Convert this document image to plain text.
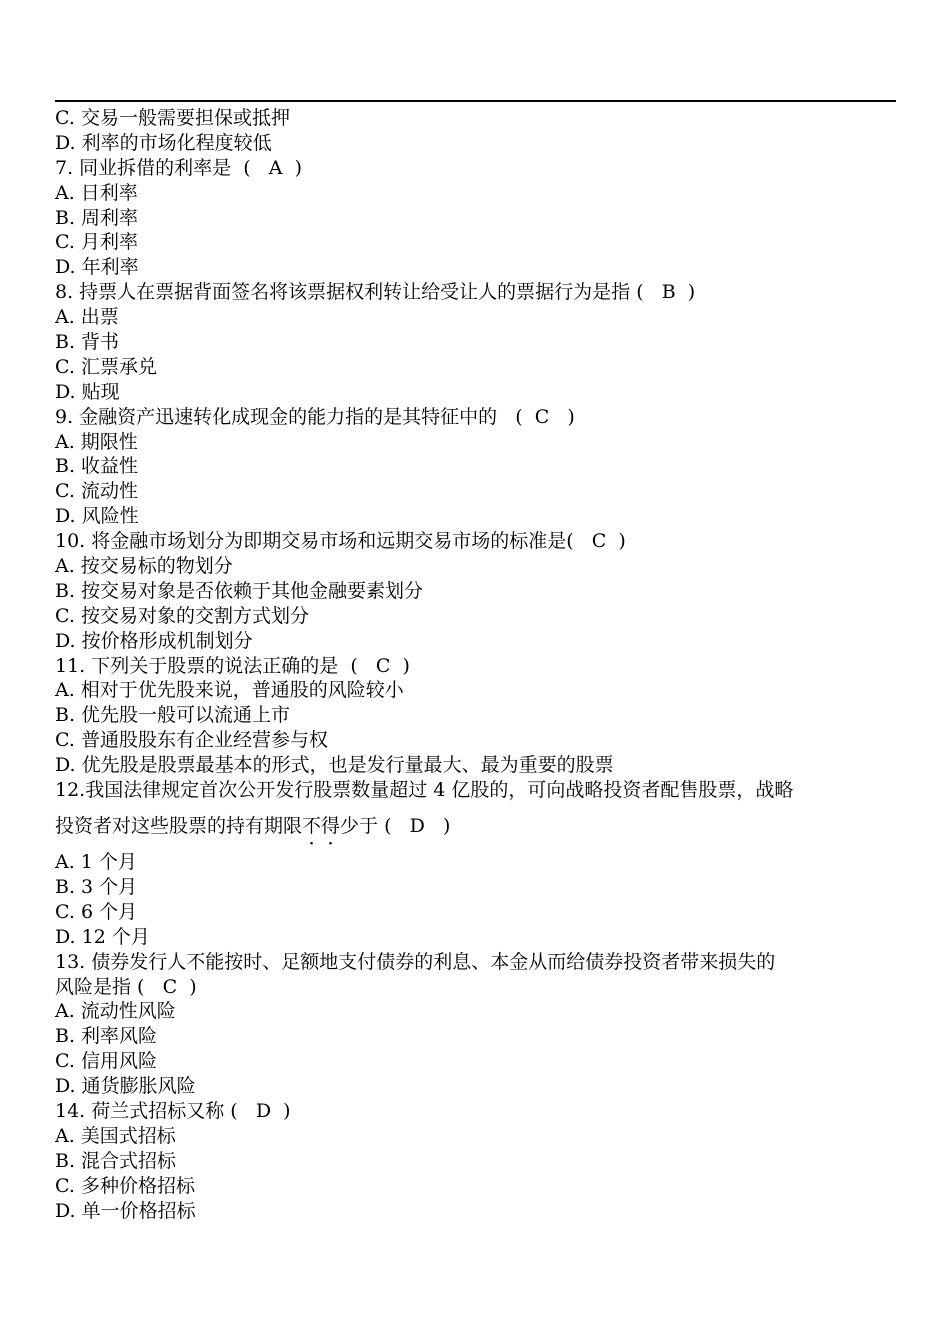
C. 交易一般需要担保或抵押
D. 利率的市场化程度较低
7. 同业拆借的利率是  (   A  )
A. 日利率
B. 周利率
C. 月利率
D. 年利率
8. 持票人在票据背面签名将该票据权利转让给受让人的票据行为是指 (   B  )
A. 出票
B. 背书
C. 汇票承兑
D. 贴现
9. 金融资产迅速转化成现金的能力指的是其特征中的   (  C   )
A. 期限性
B. 收益性
C. 流动性
D. 风险性
10. 将金融市场划分为即期交易市场和远期交易市场的标准是(   C  )
A. 按交易标的物划分
B. 按交易对象是否依赖于其他金融要素划分
C. 按交易对象的交割方式划分
D. 按价格形成机制划分
11. 下列关于股票的说法正确的是  (   C  )
A. 相对于优先股来说，普通股的风险较小
B. 优先股一般可以流通上市
C. 普通股股东有企业经营参与权
D. 优先股是股票最基本的形式，也是发行量最大、最为重要的股票
12.我国法律规定首次公开发行股票数量超过 4 亿股的，可向战略投资者配售股票，战略
投资者对这些股票的持有期限不得少于 (   D   )
A. 1 个月
B. 3 个月
C. 6 个月
D. 12 个月
13. 债券发行人不能按时、足额地支付债券的利息、本金从而给债券投资者带来损失的
风险是指 (   C  )
A. 流动性风险
B. 利率风险
C. 信用风险
D. 通货膨胀风险
14. 荷兰式招标又称 (   D  )
A. 美国式招标
B. 混合式招标
C. 多种价格招标
D. 单一价格招标
